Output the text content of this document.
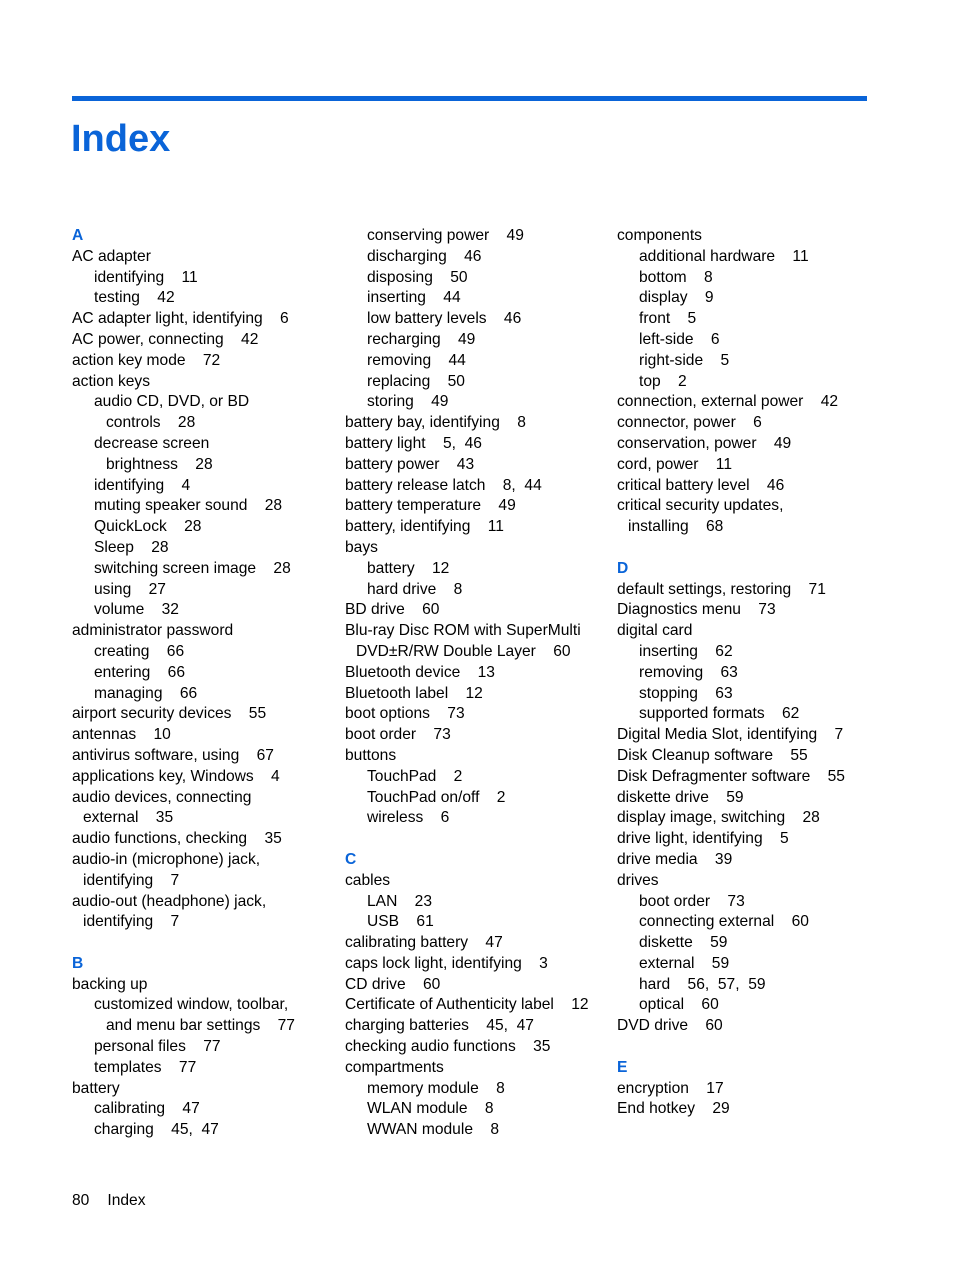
Index
A
AC adapter
identifying    11
testing    42
AC adapter light, identifying    6
AC power, connecting    42
action key mode    72
action keys
audio CD, DVD, or BD
controls    28
decrease screen
brightness    28
identifying    4
muting speaker sound    28
QuickLock    28
Sleep    28
switching screen image    28
using    27
volume    32
administrator password
creating    66
entering    66
managing    66
airport security devices    55
antennas    10
antivirus software, using    67
applications key, Windows    4
audio devices, connecting
external    35
audio functions, checking    35
audio-in (microphone) jack,
identifying    7
audio-out (headphone) jack,
identifying    7
B
backing up
customized window, toolbar,
and menu bar settings    77
personal files    77
templates    77
battery
calibrating    47
charging    45,  47
conserving power    49
discharging    46
disposing    50
inserting    44
low battery levels    46
recharging    49
removing    44
replacing    50
storing    49
battery bay, identifying    8
battery light    5,  46
battery power    43
battery release latch    8,  44
battery temperature    49
battery, identifying    11
bays
battery    12
hard drive    8
BD drive    60
Blu-ray Disc ROM with SuperMulti
DVD±R/RW Double Layer    60
Bluetooth device    13
Bluetooth label    12
boot options    73
boot order    73
buttons
TouchPad    2
TouchPad on/off    2
wireless    6
C
cables
LAN    23
USB    61
calibrating battery    47
caps lock light, identifying    3
CD drive    60
Certificate of Authenticity label    12
charging batteries    45,  47
checking audio functions    35
compartments
memory module    8
WLAN module    8
WWAN module    8
components
additional hardware    11
bottom    8
display    9
front    5
left-side    6
right-side    5
top    2
connection, external power    42
connector, power    6
conservation, power    49
cord, power    11
critical battery level    46
critical security updates,
installing    68
D
default settings, restoring    71
Diagnostics menu    73
digital card
inserting    62
removing    63
stopping    63
supported formats    62
Digital Media Slot, identifying    7
Disk Cleanup software    55
Disk Defragmenter software    55
diskette drive    59
display image, switching    28
drive light, identifying    5
drive media    39
drives
boot order    73
connecting external    60
diskette    59
external    59
hard    56,  57,  59
optical    60
DVD drive    60
E
encryption    17
End hotkey    29
80 Index
